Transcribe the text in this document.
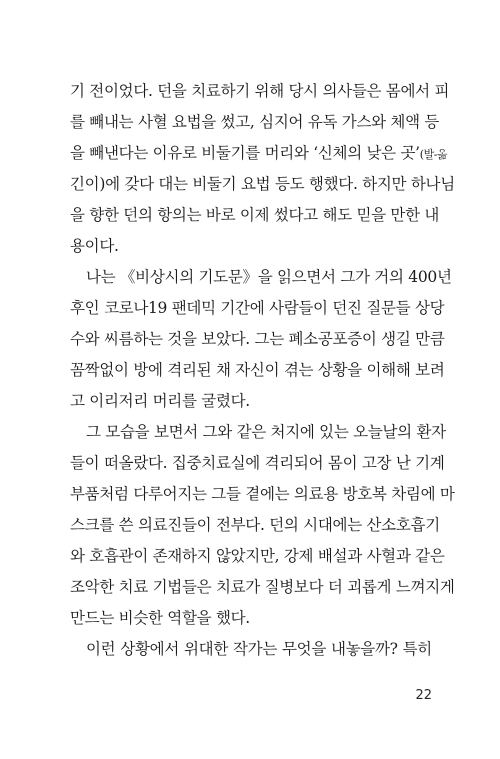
기 전이었다. 던을 치료하기 위해 당시 의사들은 몸에서 피
를 빼내는 사혈 요법을 썼고, 심지어 유독 가스와 체액 등
을 빼낸다는 이유로 비둘기를 머리와 ‘신체의 낮은 곳’(발-옮
긴이)에 갖다 대는 비둘기 요법 등도 행했다. 하지만 하나님
을 향한 던의 항의는 바로 이제 썼다고 해도 믿을 만한 내
용이다.
나는 《비상시의 기도문》을 읽으면서 그가 거의 400년
후인 코로나19 팬데믹 기간에 사람들이 던진 질문들 상당
수와 씨름하는 것을 보았다. 그는 폐소공포증이 생길 만큼
꼼짝없이 방에 격리된 채 자신이 겪는 상황을 이해해 보려
고 이리저리 머리를 굴렸다.
그 모습을 보면서 그와 같은 처지에 있는 오늘날의 환자
들이 떠올랐다. 집중치료실에 격리되어 몸이 고장 난 기계
부품처럼 다루어지는 그들 곁에는 의료용 방호복 차림에 마
스크를 쓴 의료진들이 전부다. 던의 시대에는 산소호흡기
와 호흡관이 존재하지 않았지만, 강제 배설과 사혈과 같은
조악한 치료 기법들은 치료가 질병보다 더 괴롭게 느껴지게
만드는 비슷한 역할을 했다.
이런 상황에서 위대한 작가는 무엇을 내놓을까? 특히
22
